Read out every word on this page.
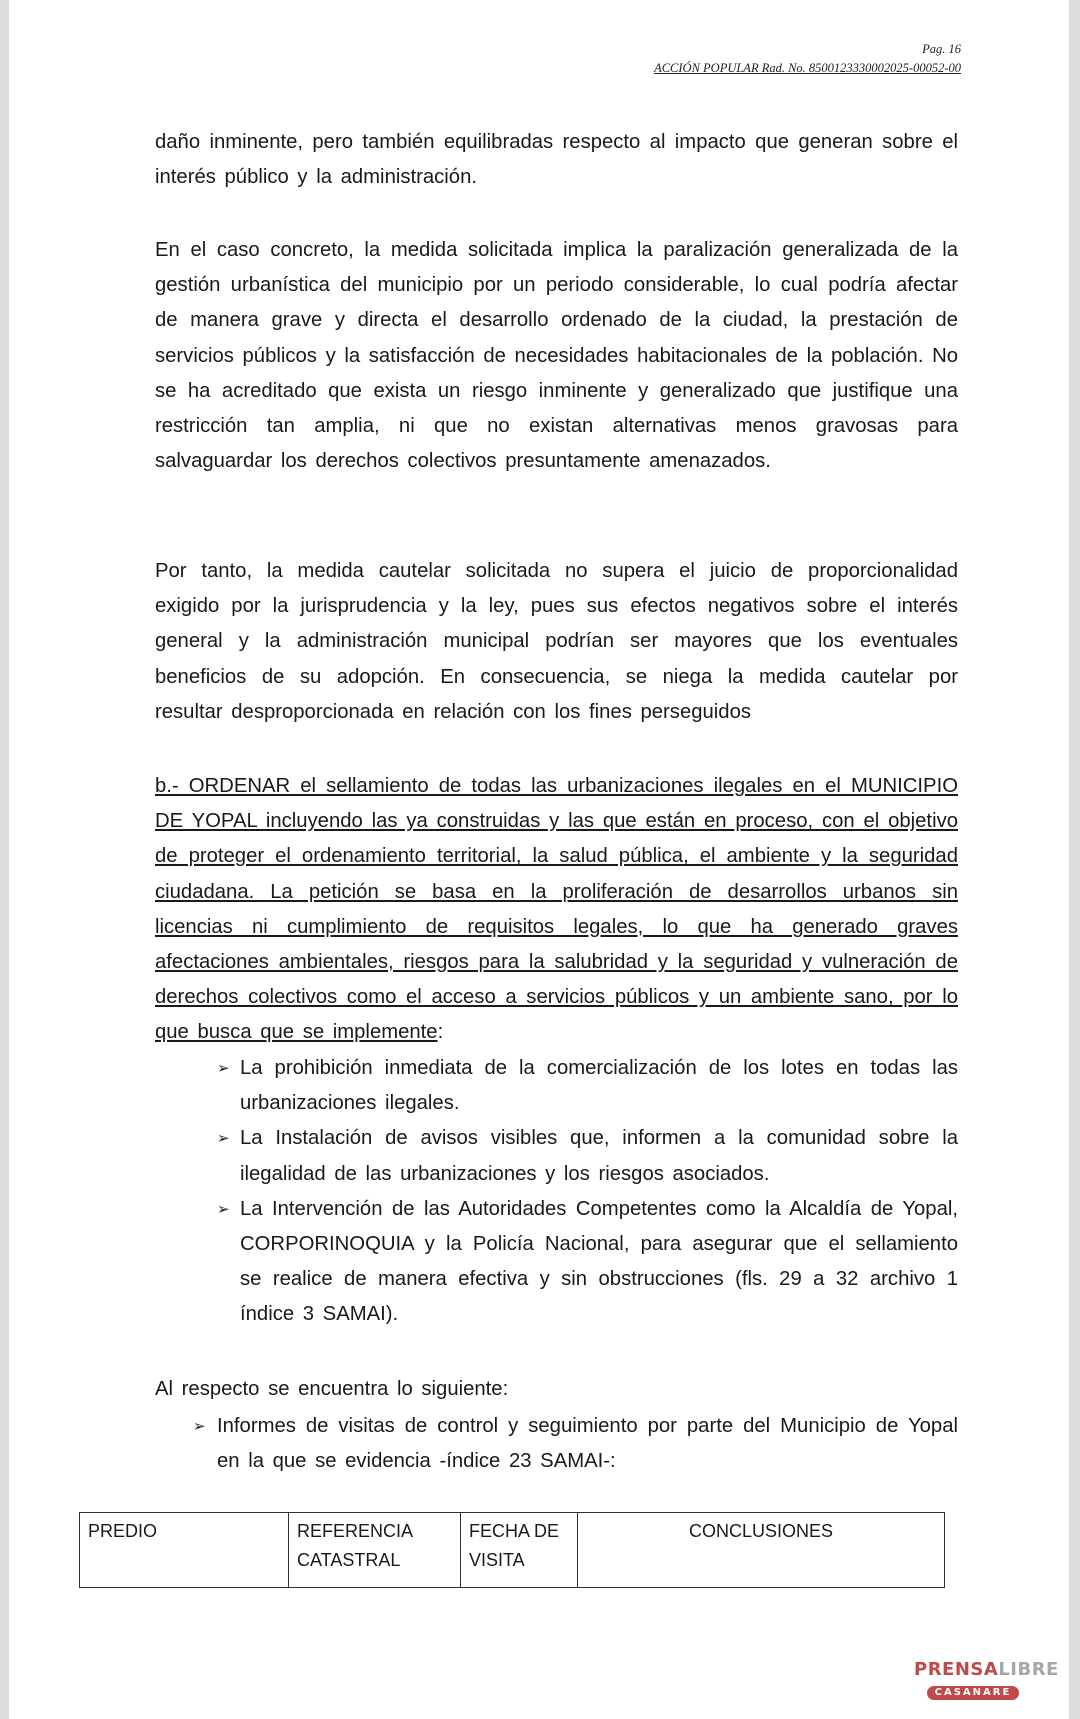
Pag. 16
ACCIÓN POPULAR Rad. No. 8500123330002025-00052-00

daño inminente, pero también equilibradas respecto al impacto que generan sobre el interés público y la administración.

En el caso concreto, la medida solicitada implica la paralización generalizada de la gestión urbanística del municipio por un periodo considerable, lo cual podría afectar de manera grave y directa el desarrollo ordenado de la ciudad, la prestación de servicios públicos y la satisfacción de necesidades habitacionales de la población. No se ha acreditado que exista un riesgo inminente y generalizado que justifique una restricción tan amplia, ni que no existan alternativas menos gravosas para salvaguardar los derechos colectivos presuntamente amenazados.

Por tanto, la medida cautelar solicitada no supera el juicio de proporcionalidad exigido por la jurisprudencia y la ley, pues sus efectos negativos sobre el interés general y la administración municipal podrían ser mayores que los eventuales beneficios de su adopción. En consecuencia, se niega la medida cautelar por resultar desproporcionada en relación con los fines perseguidos

b.- ORDENAR el sellamiento de todas las urbanizaciones ilegales en el MUNICIPIO DE YOPAL incluyendo las ya construidas y las que están en proceso, con el objetivo de proteger el ordenamiento territorial, la salud pública, el ambiente y la seguridad ciudadana. La petición se basa en la proliferación de desarrollos urbanos sin licencias ni cumplimiento de requisitos legales, lo que ha generado graves afectaciones ambientales, riesgos para la salubridad y la seguridad y vulneración de derechos colectivos como el acceso a servicios públicos y un ambiente sano, por lo que busca que se implemente:

➢ La prohibición inmediata de la comercialización de los lotes en todas las urbanizaciones ilegales.
➢ La Instalación de avisos visibles que, informen a la comunidad sobre la ilegalidad de las urbanizaciones y los riesgos asociados.
➢ La Intervención de las Autoridades Competentes como la Alcaldía de Yopal, CORPORINOQUIA y la Policía Nacional, para asegurar que el sellamiento se realice de manera efectiva y sin obstrucciones (fls. 29 a 32 archivo 1 índice 3 SAMAI).

Al respecto se encuentra lo siguiente:

➢ Informes de visitas de control y seguimiento por parte del Municipio de Yopal en la que se evidencia -índice 23 SAMAI-:
PREDIO	REFERENCIA CATASTRAL	FECHA DE VISITA	CONCLUSIONES
PRENSALIBRE
CASANARE
